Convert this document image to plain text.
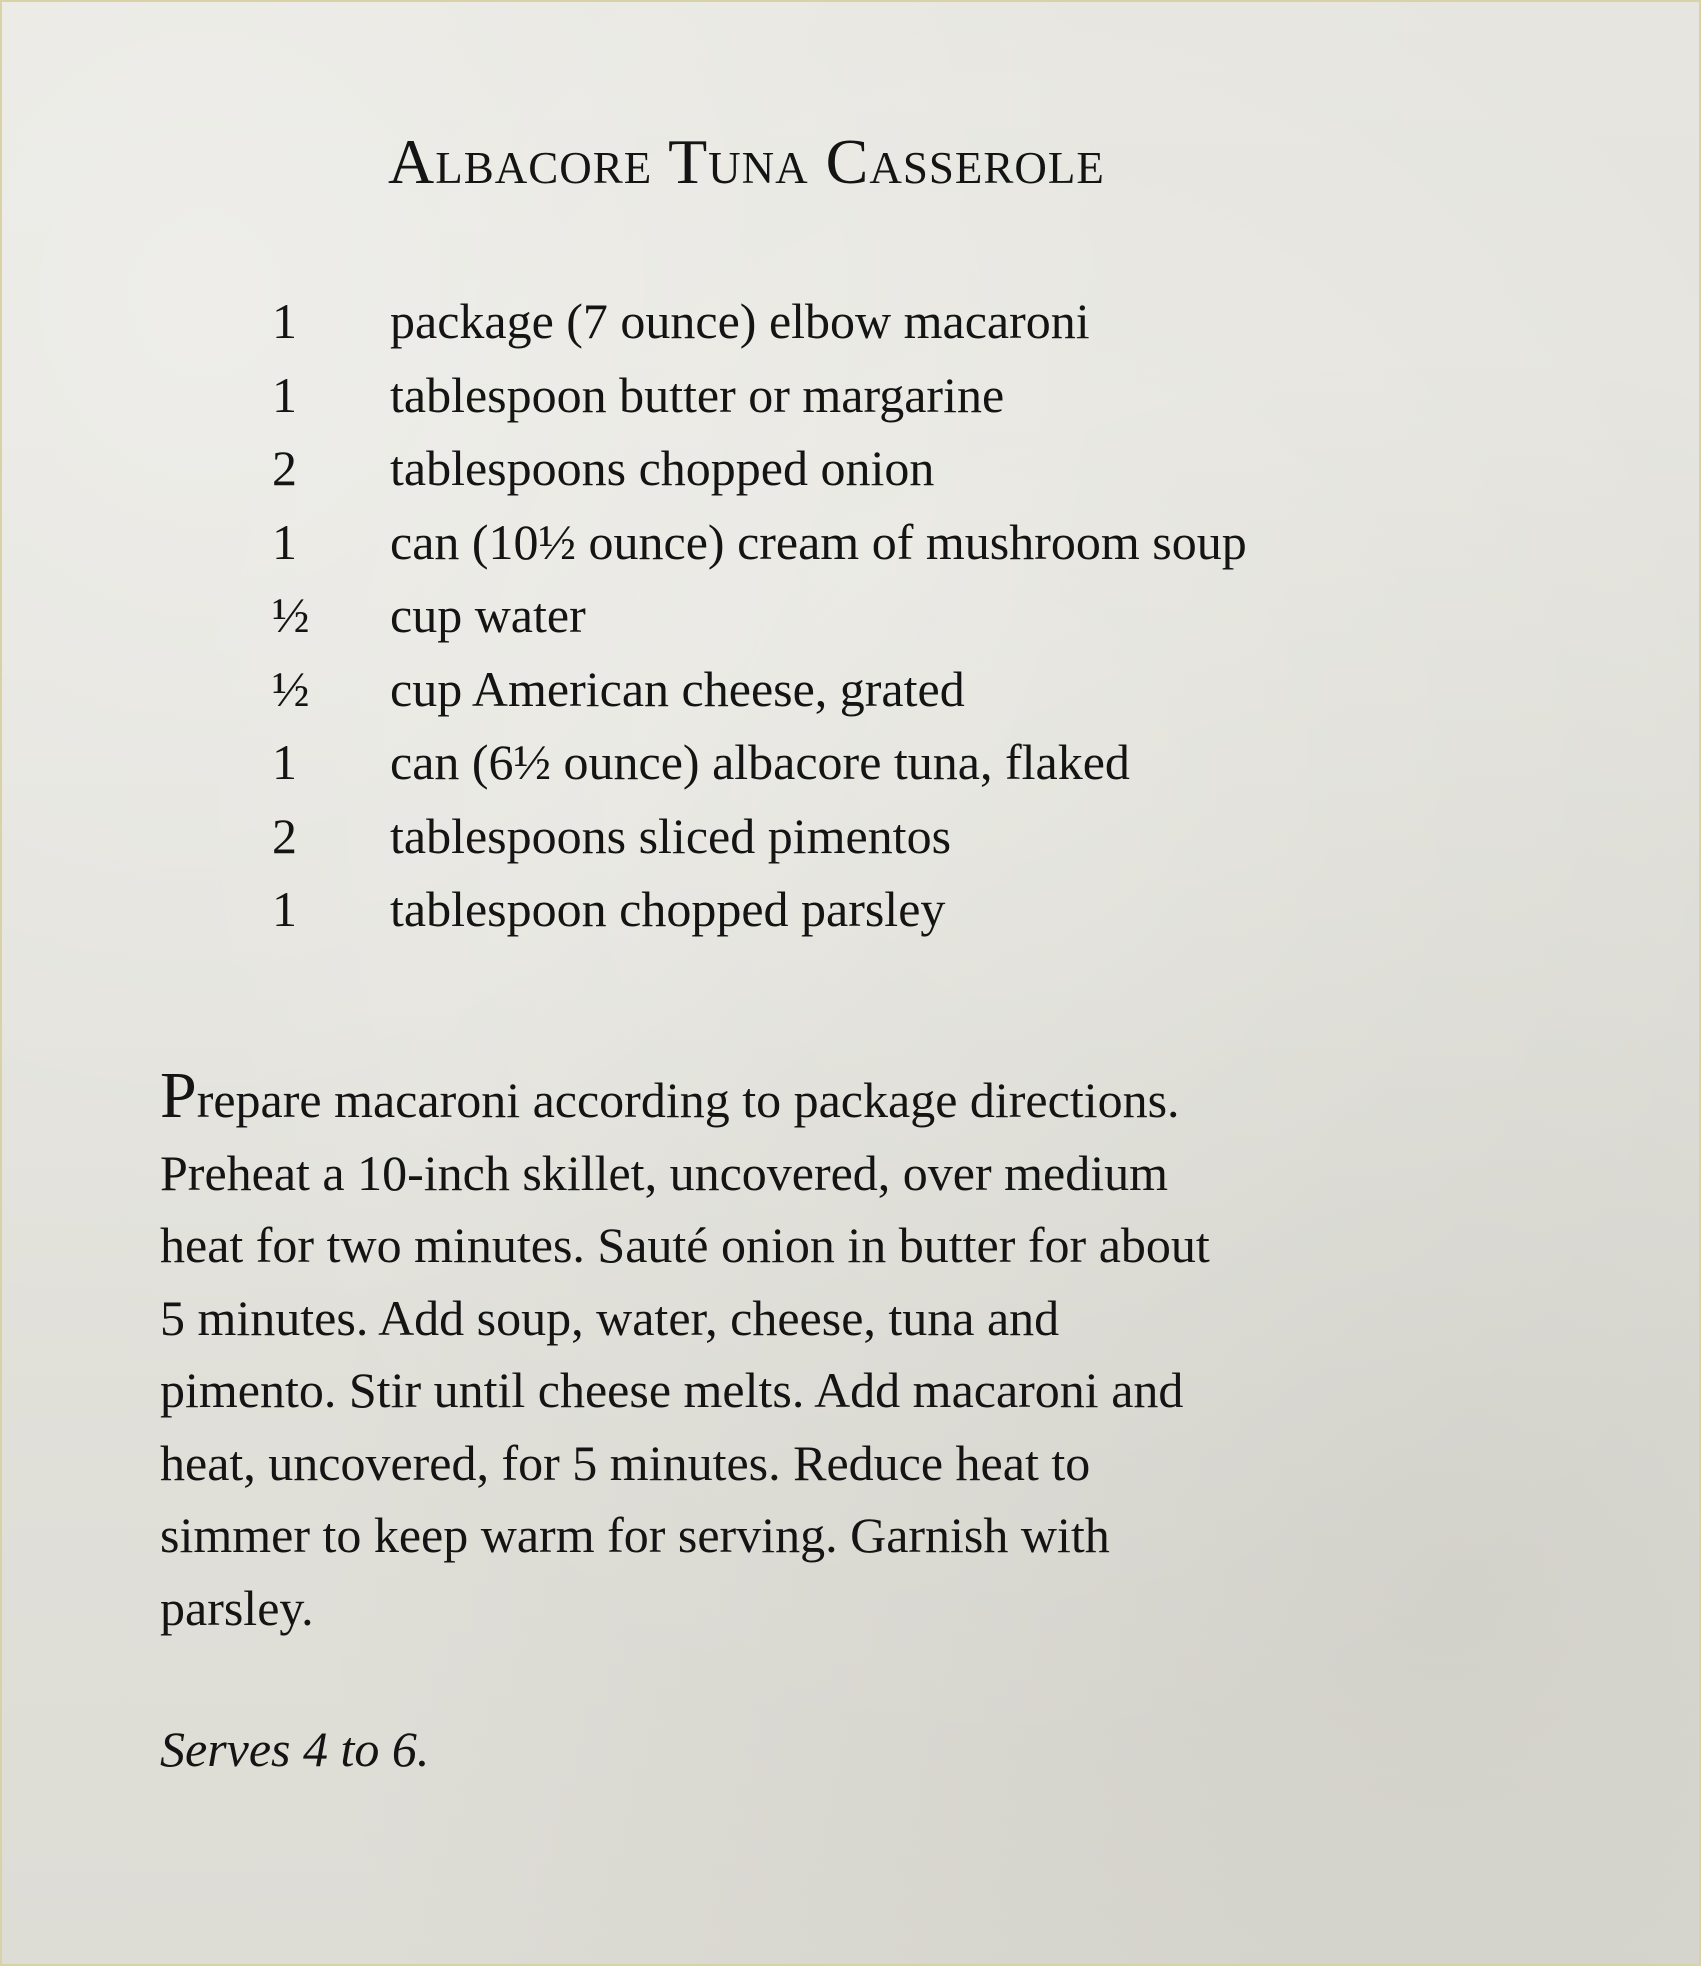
Albacore Tuna Casserole
1	package (7 ounce) elbow macaroni
1	tablespoon butter or margarine
2	tablespoons chopped onion
1	can (10½ ounce) cream of mushroom soup
½	cup water
½	cup American cheese, grated
1	can (6½ ounce) albacore tuna, flaked
2	tablespoons sliced pimentos
1	tablespoon chopped parsley

Prepare macaroni according to package directions.
Preheat a 10-inch skillet, uncovered, over medium
heat for two minutes. Sauté onion in butter for about
5 minutes. Add soup, water, cheese, tuna and
pimento. Stir until cheese melts. Add macaroni and
heat, uncovered, for 5 minutes. Reduce heat to
simmer to keep warm for serving. Garnish with
parsley.

Serves 4 to 6.
